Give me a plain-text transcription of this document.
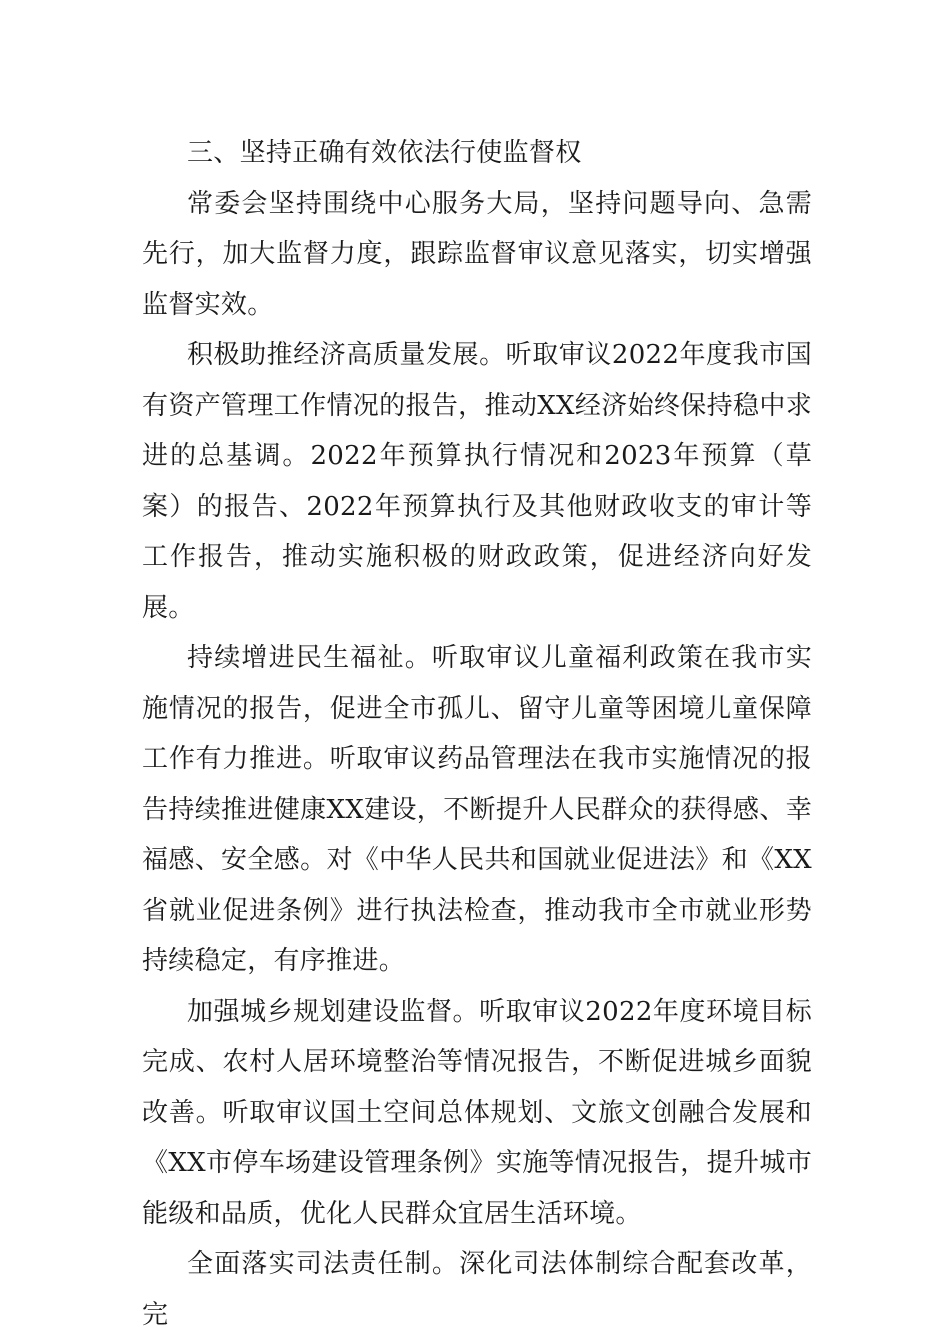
三、坚持正确有效依法行使监督权

常委会坚持围绕中心服务大局，坚持问题导向、急需先行，加大监督力度，跟踪监督审议意见落实，切实增强监督实效。

积极助推经济高质量发展。听取审议2022年度我市国有资产管理工作情况的报告，推动XX经济始终保持稳中求进的总基调。2022年预算执行情况和2023年预算（草案）的报告、2022年预算执行及其他财政收支的审计等工作报告，推动实施积极的财政政策，促进经济向好发展。

持续增进民生福祉。听取审议儿童福利政策在我市实施情况的报告，促进全市孤儿、留守儿童等困境儿童保障工作有力推进。听取审议药品管理法在我市实施情况的报告持续推进健康XX建设，不断提升人民群众的获得感、幸福感、安全感。对《中华人民共和国就业促进法》和《XX省就业促进条例》进行执法检查，推动我市全市就业形势持续稳定，有序推进。

加强城乡规划建设监督。听取审议2022年度环境目标完成、农村人居环境整治等情况报告，不断促进城乡面貌改善。听取审议国土空间总体规划、文旅文创融合发展和《XX市停车场建设管理条例》实施等情况报告，提升城市能级和品质，优化人民群众宜居生活环境。

全面落实司法责任制。深化司法体制综合配套改革，完
